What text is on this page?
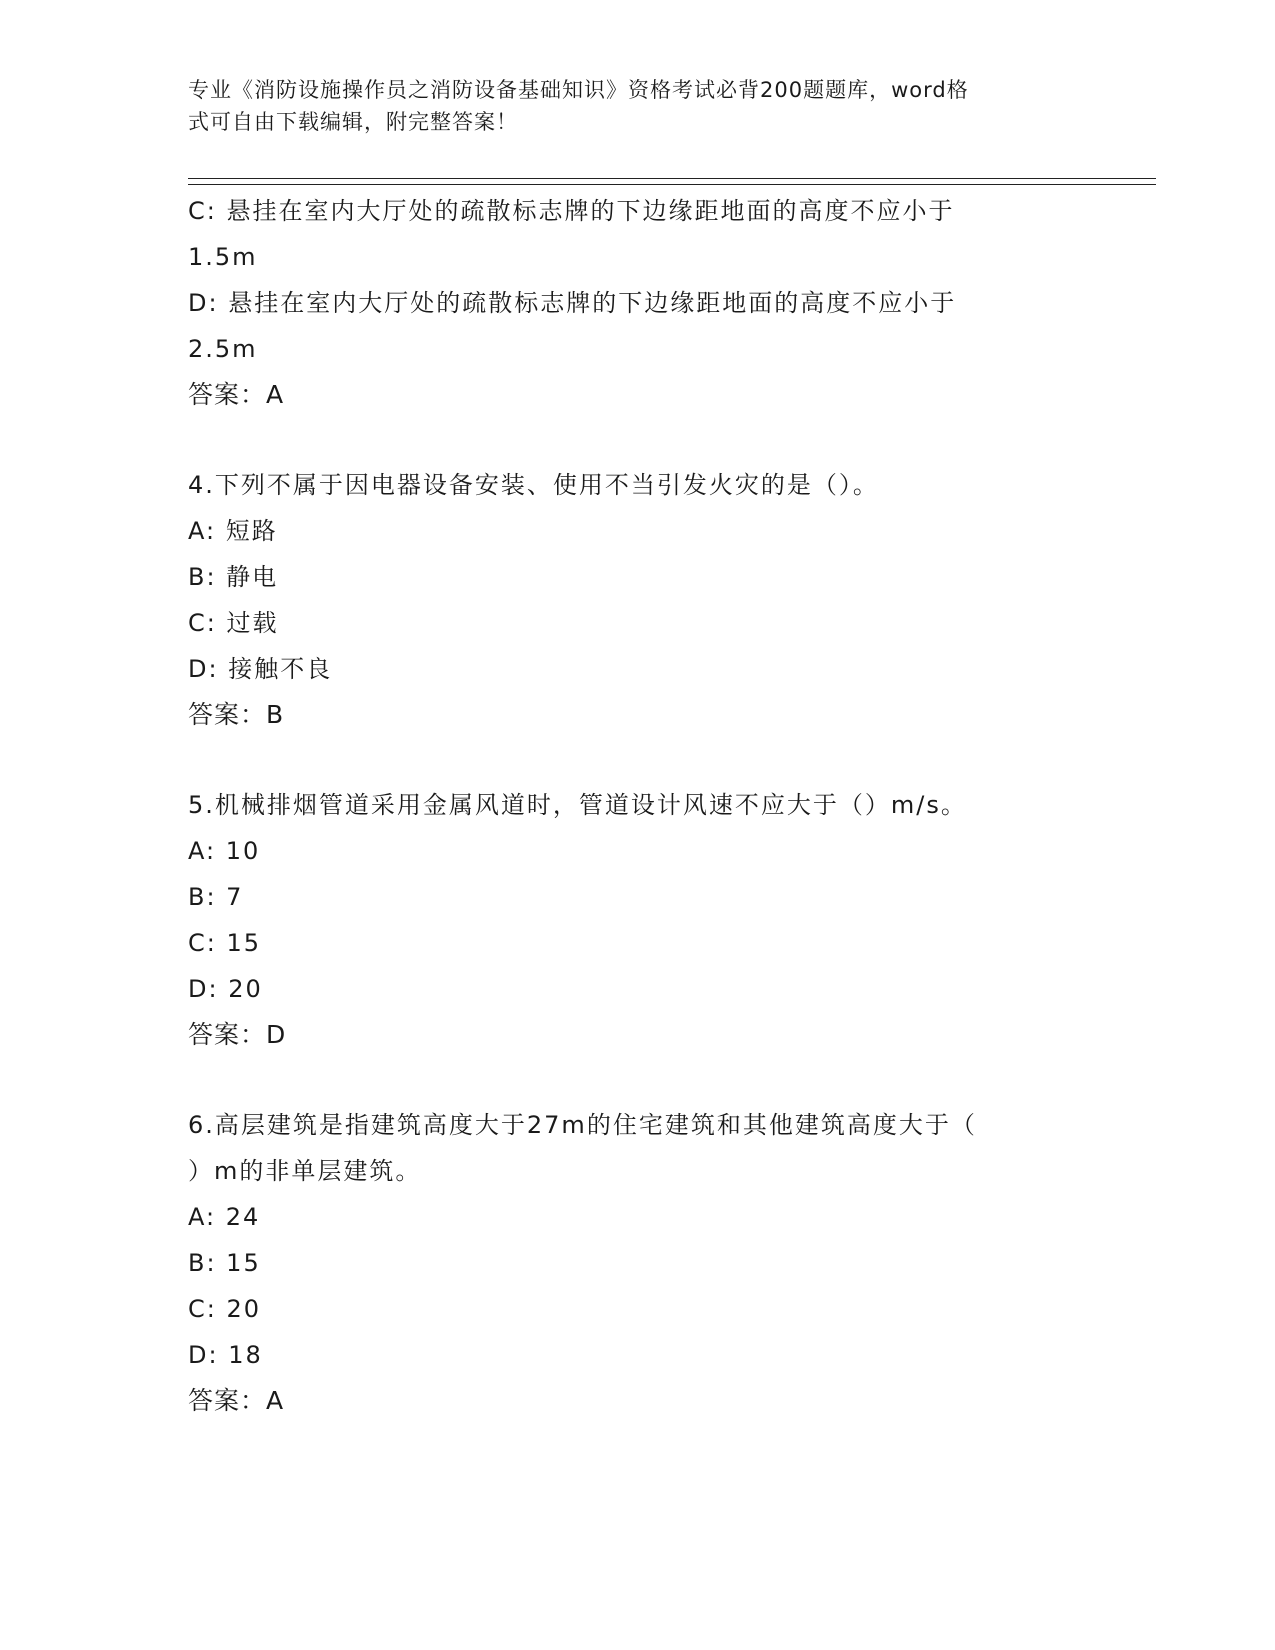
专业《消防设施操作员之消防设备基础知识》资格考试必背200题题库，word格
式可自由下载编辑，附完整答案！
C: 悬挂在室内大厅处的疏散标志牌的下边缘距地面的高度不应小于
1.5m
D: 悬挂在室内大厅处的疏散标志牌的下边缘距地面的高度不应小于
2.5m
答案：A
4.下列不属于因电器设备安装、使用不当引发火灾的是（）。
A: 短路
B: 静电
C: 过载
D: 接触不良
答案：B
5.机械排烟管道采用金属风道时，管道设计风速不应大于（）m/s。
A: 10
B: 7
C: 15
D: 20
答案：D
6.高层建筑是指建筑高度大于27m的住宅建筑和其他建筑高度大于（
）m的非单层建筑。
A: 24
B: 15
C: 20
D: 18
答案：A
